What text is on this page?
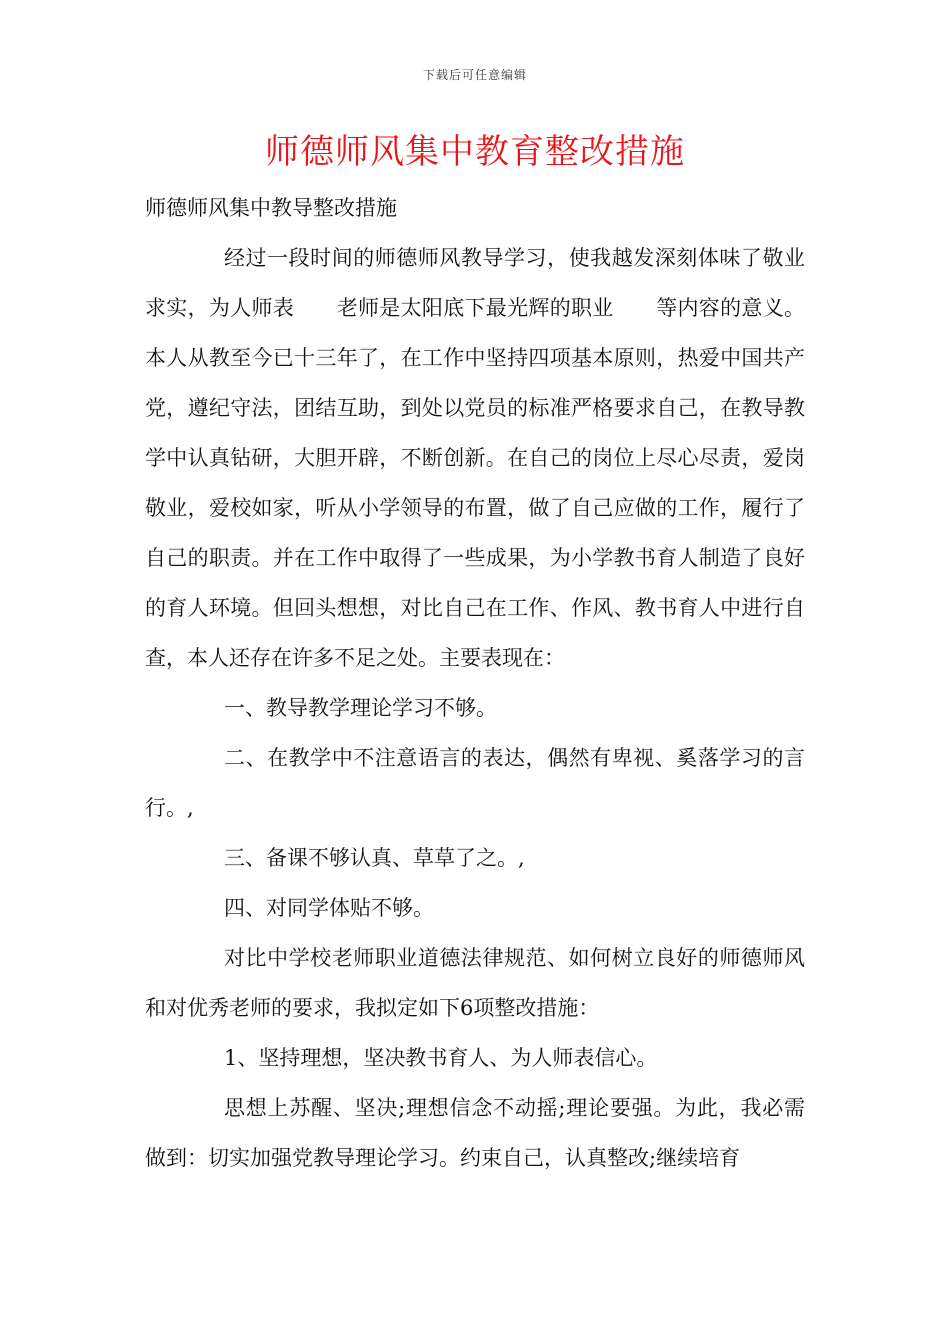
下载后可任意编辑
师德师风集中教育整改措施

师德师风集中教导整改措施

经过一段时间的师德师风教导学习，使我越发深刻体味了敬业求实，为人师表　　老师是太阳底下最光辉的职业　　等内容的意义。本人从教至今已十三年了，在工作中坚持四项基本原则，热爱中国共产党，遵纪守法，团结互助，到处以党员的标准严格要求自己，在教导教学中认真钻研，大胆开辟，不断创新。在自己的岗位上尽心尽责，爱岗敬业，爱校如家，听从小学领导的布置，做了自己应做的工作，履行了自己的职责。并在工作中取得了一些成果，为小学教书育人制造了良好的育人环境。但回头想想，对比自己在工作、作风、教书育人中进行自查，本人还存在许多不足之处。主要表现在：

一、教导教学理论学习不够。

二、在教学中不注意语言的表达，偶然有卑视、奚落学习的言行。,

三、备课不够认真、草草了之。,

四、对同学体贴不够。

对比中学校老师职业道德法律规范、如何树立良好的师德师风和对优秀老师的要求，我拟定如下6项整改措施：

1、坚持理想，坚决教书育人、为人师表信心。

思想上苏醒、坚决;理想信念不动摇;理论要强。为此，我必需做到：切实加强党教导理论学习。约束自己，认真整改;继续培育
